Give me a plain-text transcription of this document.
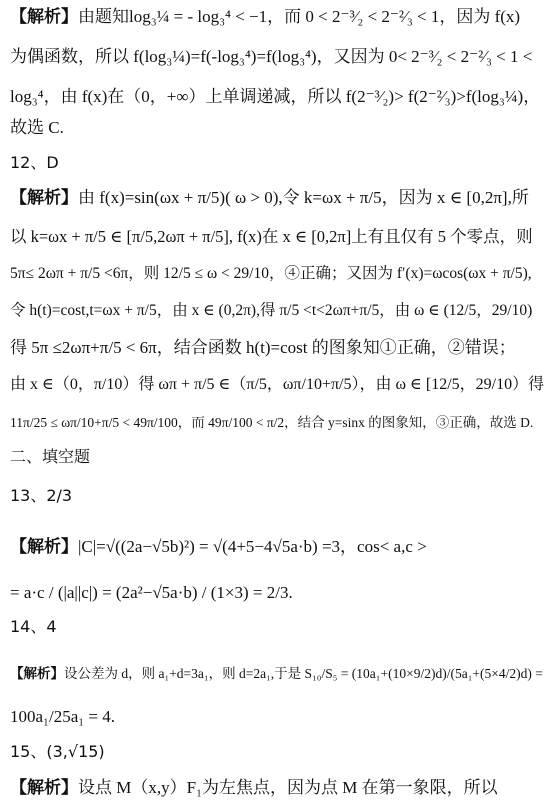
【解析】由题知log₃¼ = - log₃⁴ < −1，而 0 < 2⁻³⁄₂ < 2⁻²⁄₃ < 1，因为 f(x)
为偶函数，所以 f(log₃¼)=f(-log₃⁴)=f(log₃⁴)，又因为 0< 2⁻³⁄₂ < 2⁻²⁄₃ < 1 <
log₃⁴，由 f(x)在（0，+∞）上单调递减，所以 f(2⁻³⁄₂)> f(2⁻²⁄₃)>f(log₃¼)，
故选 C.
12、D
【解析】由 f(x)=sin(ωx + π/5)( ω > 0),令 k=ωx + π/5，因为 x ∈ [0,2π],所
以 k=ωx + π/5 ∈ [π/5,2ωπ + π/5], f(x)在 x ∈ [0,2π]上有且仅有 5 个零点，则
5π≤ 2ωπ + π/5 <6π，则 12/5 ≤ ω < 29/10，④正确；又因为 f′(x)=ωcos(ωx + π/5),
令 h(t)=cost,t=ωx + π/5，由 x ∈ (0,2π),得 π/5 <t<2ωπ+π/5，由 ω ∈ (12/5，29/10)
得 5π ≤2ωπ+π/5 < 6π，结合函数 h(t)=cost 的图象知①正确，②错误；
由 x ∈（0，π/10）得 ωπ + π/5 ∈（π/5，ωπ/10+π/5），由 ω ∈ [12/5，29/10）得
11π/25 ≤ ωπ/10+π/5 < 49π/100，而 49π/100 < π/2，结合 y=sinx 的图象知，③正确，故选 D.
二、填空题
13、2/3
【解析】|C|=√((2a−√5b)²) = √(4+5−4√5a·b) =3，cos< a,c >
= a·c / (|a||c|) = (2a²−√5a·b) / (1×3) = 2/3.
14、4
【解析】设公差为 d，则 a₁+d=3a₁，则 d=2a₁,于是 S₁₀/S₅ = (10a₁+(10×9/2)d)/(5a₁+(5×4/2)d) =
100a₁/25a₁ = 4.
15、(3,√15)
【解析】设点 M（x,y）F₁为左焦点，因为点 M 在第一象限，所以
